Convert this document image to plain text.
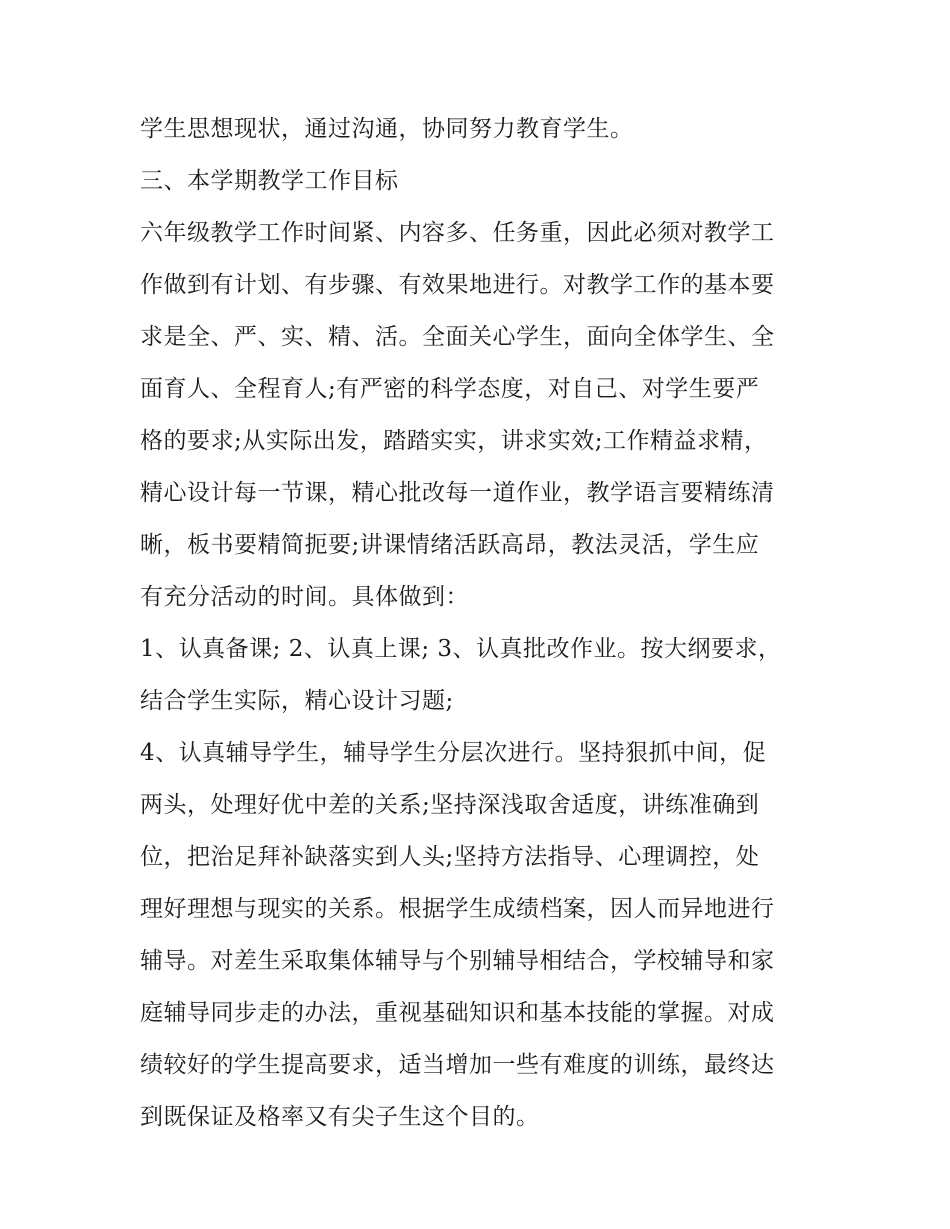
学生思想现状，通过沟通，协同努力教育学生。
三、本学期教学工作目标
六年级教学工作时间紧、内容多、任务重，因此必须对教学工
作做到有计划、有步骤、有效果地进行。对教学工作的基本要
求是全、严、实、精、活。全面关心学生，面向全体学生、全
面育人、全程育人;有严密的科学态度，对自己、对学生要严
格的要求;从实际出发，踏踏实实，讲求实效;工作精益求精，
精心设计每一节课，精心批改每一道作业，教学语言要精练清
晰，板书要精简扼要;讲课情绪活跃高昂，教法灵活，学生应
有充分活动的时间。具体做到：
1、认真备课; 2、认真上课; 3、认真批改作业。按大纲要求，
结合学生实际，精心设计习题;
4、认真辅导学生，辅导学生分层次进行。坚持狠抓中间，促
两头，处理好优中差的关系;坚持深浅取舍适度，讲练准确到
位，把治足拜补缺落实到人头;坚持方法指导、心理调控，处
理好理想与现实的关系。根据学生成绩档案，因人而异地进行
辅导。对差生采取集体辅导与个别辅导相结合，学校辅导和家
庭辅导同步走的办法，重视基础知识和基本技能的掌握。对成
绩较好的学生提高要求，适当增加一些有难度的训练，最终达
到既保证及格率又有尖子生这个目的。
